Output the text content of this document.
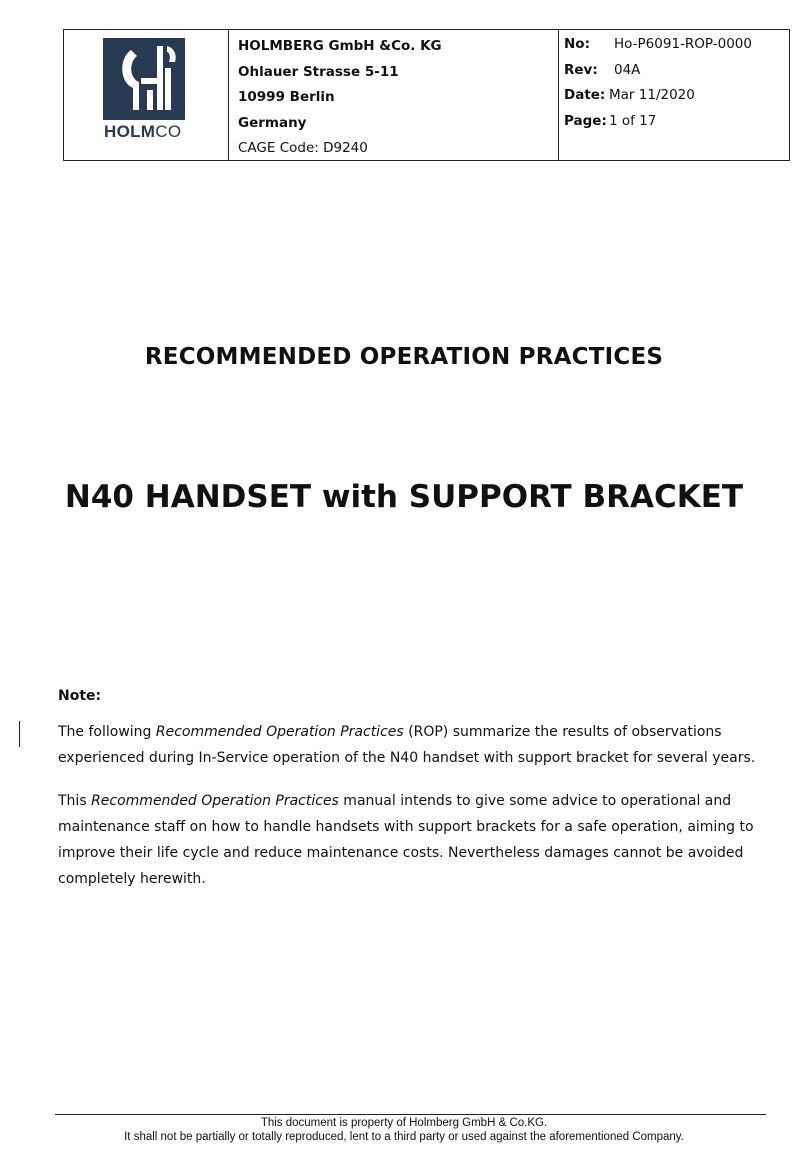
HOLMCO
HOLMBERG GmbH &Co. KG
Ohlauer Strasse 5-11
10999 Berlin
Germany
CAGE Code: D9240
No:	Ho-P6091-ROP-0000
Rev:	04A
Date: Mar 11/2020
Page: 1 of 17
RECOMMENDED OPERATION PRACTICES
N40 HANDSET with SUPPORT BRACKET
Note:
The following Recommended Operation Practices (ROP) summarize the results of observations
experienced during In-Service operation of the N40 handset with support bracket for several years.
This Recommended Operation Practices manual intends to give some advice to operational and
maintenance staff on how to handle handsets with support brackets for a safe operation, aiming to
improve their life cycle and reduce maintenance costs. Nevertheless damages cannot be avoided
completely herewith.
This document is property of Holmberg GmbH & Co.KG.
It shall not be partially or totally reproduced, lent to a third party or used against the aforementioned Company.
